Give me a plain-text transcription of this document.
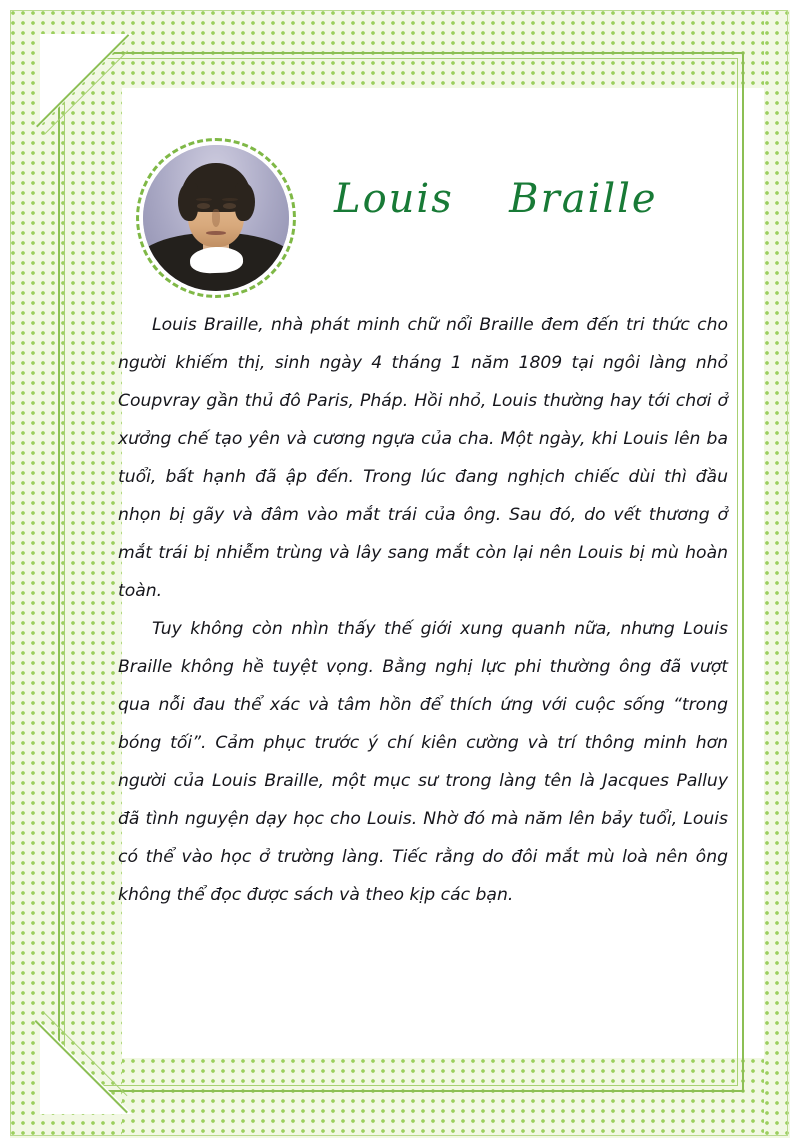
Louis Braille

Louis Braille, nhà phát minh chữ nổi Braille đem đến tri thức cho người khiếm thị, sinh ngày 4 tháng 1 năm 1809 tại ngôi làng nhỏ Coupvray gần thủ đô Paris, Pháp. Hồi nhỏ, Louis thường hay tới chơi ở xưởng chế tạo yên và cương ngựa của cha. Một ngày, khi Louis lên ba tuổi, bất hạnh đã ập đến. Trong lúc đang nghịch chiếc dùi thì đầu nhọn bị gãy và đâm vào mắt trái của ông. Sau đó, do vết thương ở mắt trái bị nhiễm trùng và lây sang mắt còn lại nên Louis bị mù hoàn toàn.

Tuy không còn nhìn thấy thế giới xung quanh nữa, nhưng Louis Braille không hề tuyệt vọng. Bằng nghị lực phi thường ông đã vượt qua nỗi đau thể xác và tâm hồn để thích ứng với cuộc sống “trong bóng tối”. Cảm phục trước ý chí kiên cường và trí thông minh hơn người của Louis Braille, một mục sư trong làng tên là Jacques Palluy đã tình nguyện dạy học cho Louis. Nhờ đó mà năm lên bảy tuổi, Louis có thể vào học ở trường làng. Tiếc rằng do đôi mắt mù loà nên ông không thể đọc được sách và theo kịp các bạn.
